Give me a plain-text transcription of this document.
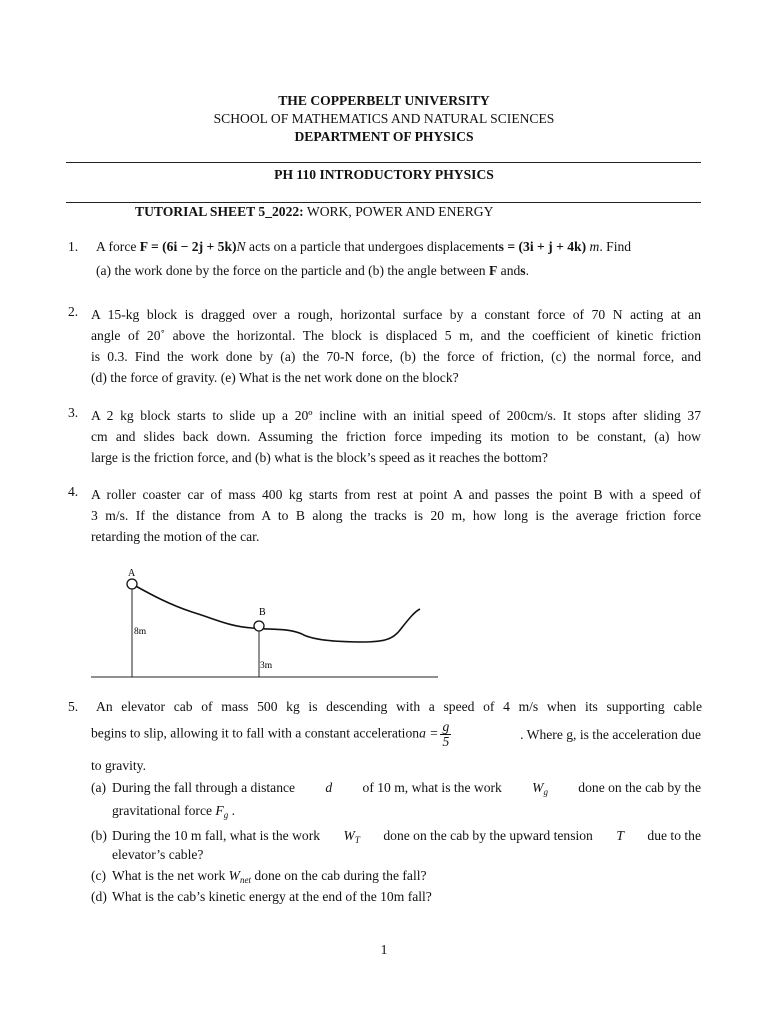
THE COPPERBELT UNIVERSITY
SCHOOL OF MATHEMATICS AND NATURAL SCIENCES
DEPARTMENT OF PHYSICS
PH 110 INTRODUCTORY PHYSICS
TUTORIAL SHEET 5_2022: WORK, POWER AND ENERGY
1. A force F = (6i − 2j + 5k)N acts on a particle that undergoes displacements = (3i + j + 4k) m. Find
(a) the work done by the force on the particle and (b) the angle between F ands.
2. A 15-kg block is dragged over a rough, horizontal surface by a constant force of 70 N acting at an
angle of 20˚ above the horizontal. The block is displaced 5 m, and the coefficient of kinetic friction
is 0.3. Find the work done by (a) the 70-N force, (b) the force of friction, (c) the normal force, and
(d) the force of gravity. (e) What is the net work done on the block?
3. A 2 kg block starts to slide up a 20º incline with an initial speed of 200cm/s. It stops after sliding 37
cm and slides back down. Assuming the friction force impeding its motion to be constant, (a) how
large is the friction force, and (b) what is the block’s speed as it reaches the bottom?
4. A roller coaster car of mass 400 kg starts from rest at point A and passes the point B with a speed of
3 m/s. If the distance from A to B along the tracks is 20 m, how long is the average friction force
retarding the motion of the car.
A
B
8m
3m
5. An elevator cab of mass 500 kg is descending with a speed of 4 m/s when its supporting cable
begins to slip, allowing it to fall with a constant accelerationa = $\frac{g}{5}$	. Where g, is the acceleration due
to gravity.
(a) During the fall through a distance d of 10 m, what is the work $W_g$ done on the cab by the
gravitational force $F_g$ .
(b) During the 10 m fall, what is the work $W_T$ done on the cab by the upward tension T due to the
elevator’s cable?
(c) What is the net work $W_{net}$ done on the cab during the fall?
(d) What is the cab’s kinetic energy at the end of the 10m fall?
1
